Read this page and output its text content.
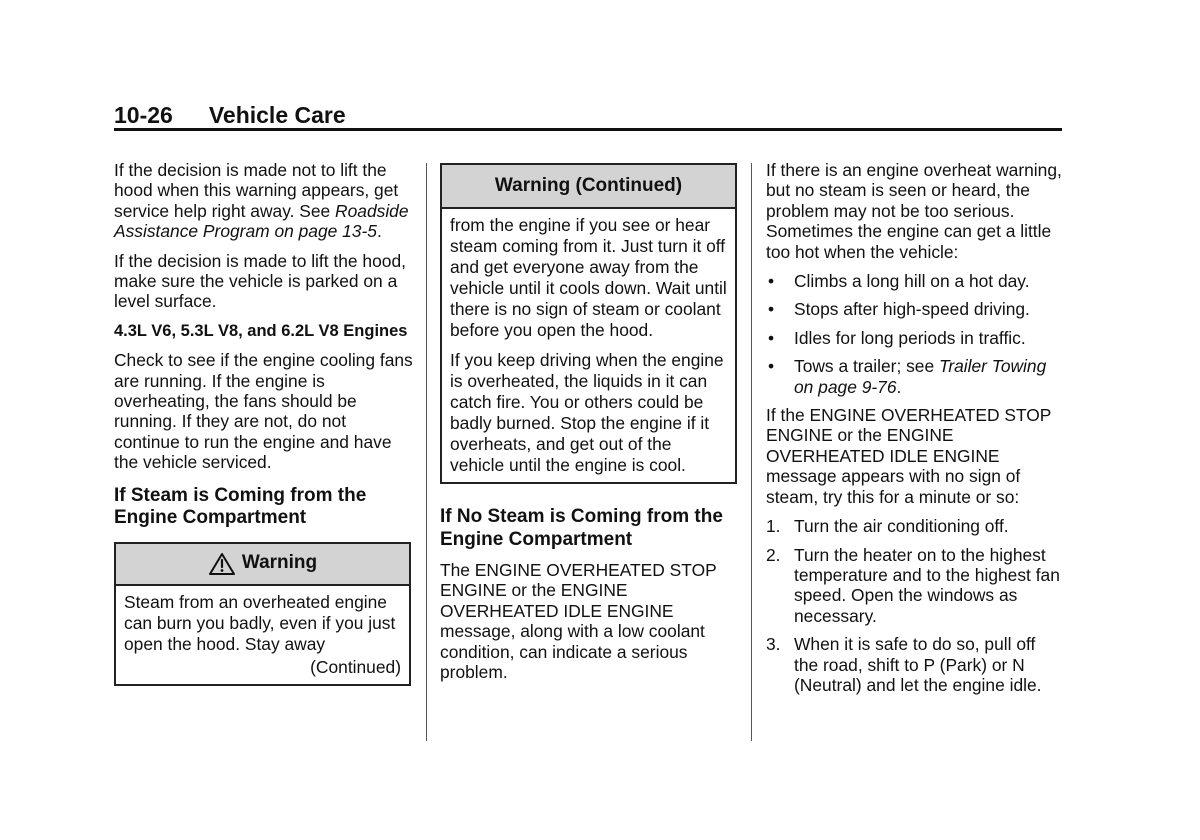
10-26 Vehicle Care

If the decision is made not to lift the hood when this warning appears, get service help right away. See Roadside Assistance Program on page 13-5.

If the decision is made to lift the hood, make sure the vehicle is parked on a level surface.

4.3L V6, 5.3L V8, and 6.2L V8 Engines

Check to see if the engine cooling fans are running. If the engine is overheating, the fans should be running. If they are not, do not continue to run the engine and have the vehicle serviced.

If Steam is Coming from the Engine Compartment
Warning
Steam from an overheated engine can burn you badly, even if you just open the hood. Stay away
(Continued)
Warning (Continued)

from the engine if you see or hear steam coming from it. Just turn it off and get everyone away from the vehicle until it cools down. Wait until there is no sign of steam or coolant before you open the hood.

If you keep driving when the engine is overheated, the liquids in it can catch fire. You or others could be badly burned. Stop the engine if it overheats, and get out of the vehicle until the engine is cool.

If No Steam is Coming from the Engine Compartment

The ENGINE OVERHEATED STOP ENGINE or the ENGINE OVERHEATED IDLE ENGINE message, along with a low coolant condition, can indicate a serious problem.

If there is an engine overheat warning, but no steam is seen or heard, the problem may not be too serious. Sometimes the engine can get a little too hot when the vehicle:

• Climbs a long hill on a hot day.
• Stops after high-speed driving.
• Idles for long periods in traffic.
• Tows a trailer; see Trailer Towing on page 9-76.

If the ENGINE OVERHEATED STOP ENGINE or the ENGINE OVERHEATED IDLE ENGINE message appears with no sign of steam, try this for a minute or so:

1. Turn the air conditioning off.
2. Turn the heater on to the highest temperature and to the highest fan speed. Open the windows as necessary.
3. When it is safe to do so, pull off the road, shift to P (Park) or N (Neutral) and let the engine idle.
